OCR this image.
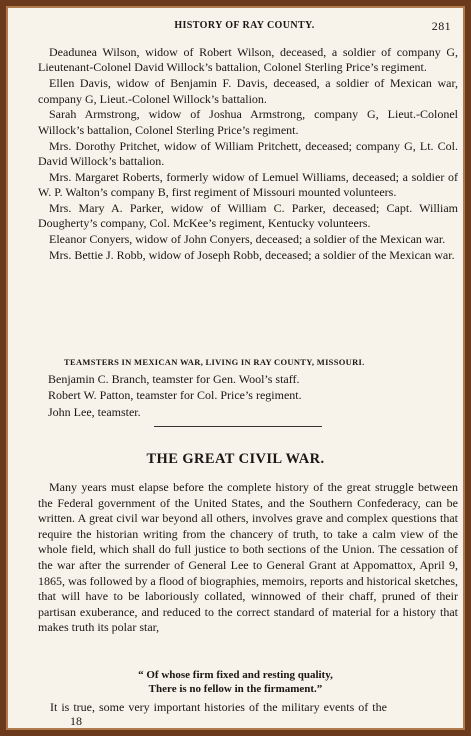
HISTORY OF RAY COUNTY.	281

Deadunea Wilson, widow of Robert Wilson, deceased, a soldier of company G, Lieutenant-Colonel David Willock’s battalion, Colonel Sterling Price’s regiment.

Ellen Davis, widow of Benjamin F. Davis, deceased, a soldier of Mexican war, company G, Lieut.-Colonel Willock’s battalion.

Sarah Armstrong, widow of Joshua Armstrong, company G, Lieut.-Colonel Willock’s battalion, Colonel Sterling Price’s regiment.

Mrs. Dorothy Pritchet, widow of William Pritchett, deceased; company G, Lt. Col. David Willock’s battalion.

Mrs. Margaret Roberts, formerly widow of Lemuel Williams, deceased; a soldier of W. P. Walton’s company B, first regiment of Missouri mounted volunteers.

Mrs. Mary A. Parker, widow of William C. Parker, deceased; Capt. William Dougherty’s company, Col. McKee’s regiment, Kentucky volunteers.

Eleanor Conyers, widow of John Conyers, deceased; a soldier of the Mexican war.

Mrs. Bettie J. Robb, widow of Joseph Robb, deceased; a soldier of the Mexican war.

TEAMSTERS IN MEXICAN WAR, LIVING IN RAY COUNTY, MISSOURI.
Benjamin C. Branch, teamster for Gen. Wool’s staff.
Robert W. Patton, teamster for Col. Price’s regiment.
John Lee, teamster.
THE GREAT CIVIL WAR.

Many years must elapse before the complete history of the great struggle between the Federal government of the United States, and the Southern Confederacy, can be written. A great civil war beyond all others, involves grave and complex questions that require the historian writing from the chancery of truth, to take a calm view of the whole field, which shall do full justice to both sections of the Union. The cessation of the war after the surrender of General Lee to General Grant at Appomattox, April 9, 1865, was followed by a flood of biographies, memoirs, reports and historical sketches, that will have to be laboriously collated, winnowed of their chaff, pruned of their partisan exuberance, and reduced to the correct standard of material for a history that makes truth its polar star,

“ Of whose firm fixed and resting quality,
There is no fellow in the firmament.”
It is true, some very important histories of the military events of the
18
